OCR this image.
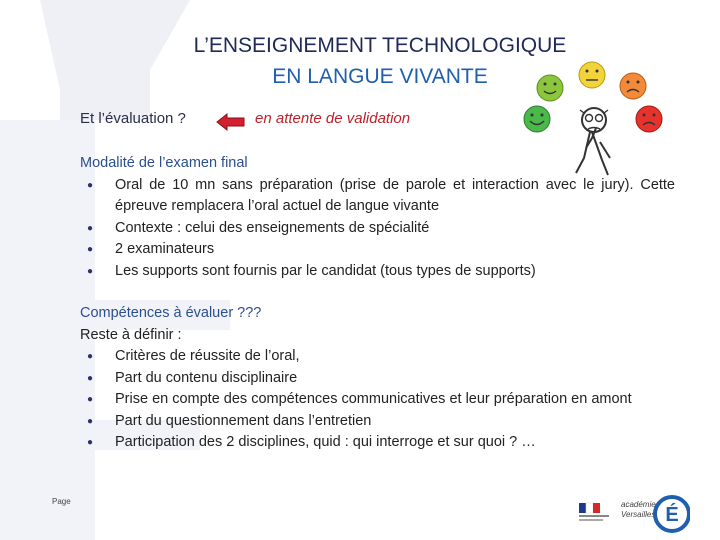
L’ENSEIGNEMENT TECHNOLOGIQUE
EN LANGUE VIVANTE
Et l’évaluation ?	en attente de validation
Modalité de l’examen final
● Oral de 10 mn sans préparation (prise de parole et interaction avec le jury). Cette épreuve remplacera l’oral actuel de langue vivante
● Contexte : celui des enseignements de spécialité
● 2 examinateurs
● Les supports sont fournis par le candidat (tous types de supports)
Compétences à évaluer ???
Reste à définir :
● Critères de réussite de l’oral,
● Part du contenu disciplinaire
● Prise en compte des compétences communicatives et leur préparation en amont
● Part du questionnement dans l’entretien
● Participation des 2 disciplines, quid : qui interroge et sur quoi ? …
Page	académie
Versailles É
